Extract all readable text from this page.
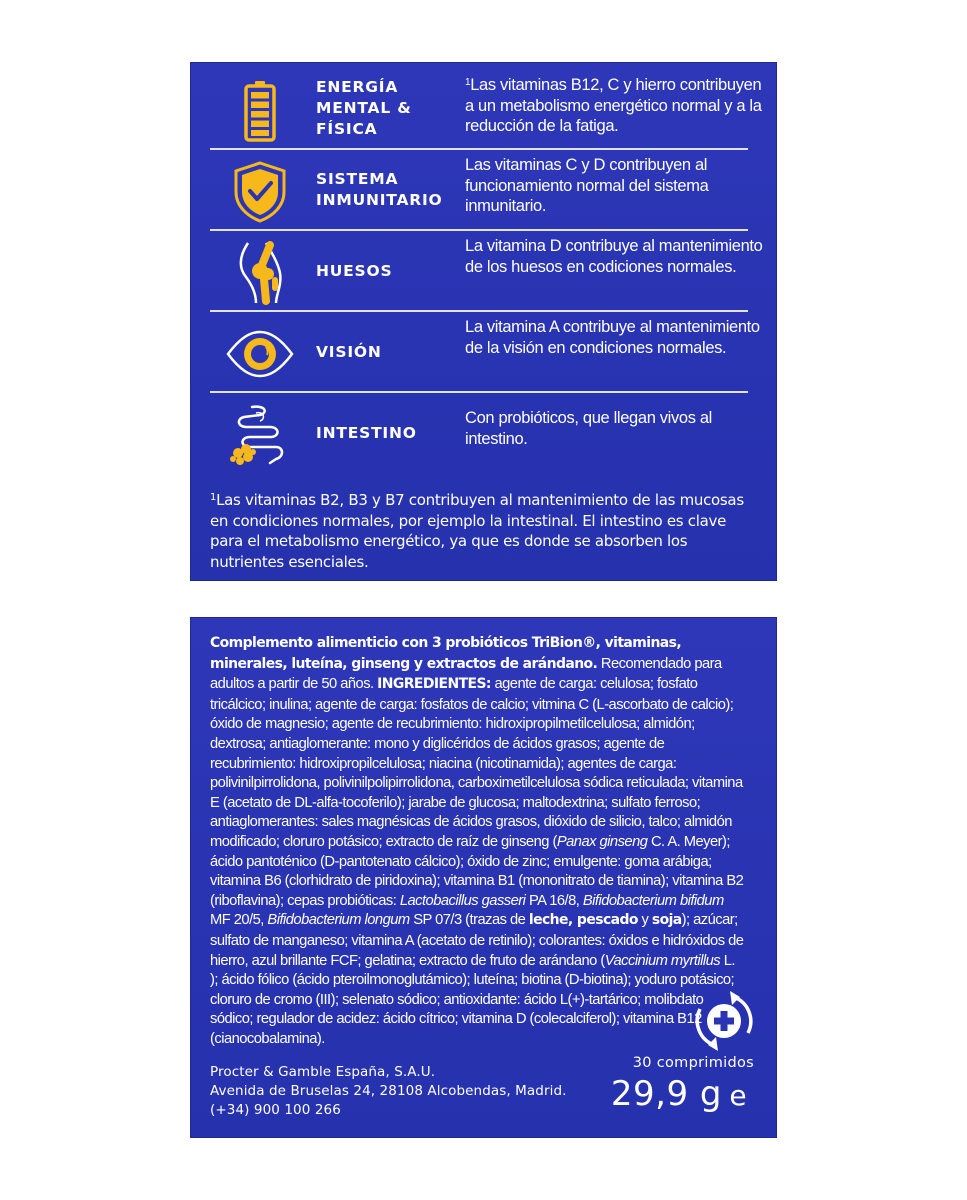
ENERGÍA
MENTAL &
FÍSICA
$^1$Las vitaminas B12, C y hierro contribuyen a un metabolismo energético normal y a la reducción de la fatiga.
SISTEMA
INMUNITARIO
Las vitaminas C y D contribuyen al funcionamiento normal del sistema inmunitario.
HUESOS
La vitamina D contribuye al mantenimiento de los huesos en codiciones normales.
VISIÓN
La vitamina A contribuye al mantenimiento de la visión en condiciones normales.
INTESTINO
Con probióticos, que llegan vivos al intestino.
$^1$Las vitaminas B2, B3 y B7 contribuyen al mantenimiento de las mucosas en condiciones normales, por ejemplo la intestinal. El intestino es clave para el metabolismo energético, ya que es donde se absorben los nutrientes esenciales.
Complemento alimenticio con 3 probióticos TriBion®, vitaminas, minerales, luteína, ginseng y extractos de arándano. Recomendado para adultos a partir de 50 años. INGREDIENTES: agente de carga: celulosa; fosfato tricálcico; inulina; agente de carga: fosfatos de calcio; vitmina C (L-ascorbato de calcio); óxido de magnesio; agente de recubrimiento: hidroxipropilmetilcelulosa; almidón; dextrosa; antiaglomerante: mono y diglicéridos de ácidos grasos; agente de recubrimiento: hidroxipropilcelulosa; niacina (nicotinamida); agentes de carga: polivinilpirrolidona, polivinilpolipirrolidona, carboximetilcelulosa sódica reticulada; vitamina E (acetato de DL-alfa-tocoferilo); jarabe de glucosa; maltodextrina; sulfato ferroso; antiaglomerantes: sales magnésicas de ácidos grasos, dióxido de silicio, talco; almidón modificado; cloruro potásico; extracto de raíz de ginseng (Panax ginseng C. A. Meyer); ácido pantoténico (D-pantotenato cálcico); óxido de zinc; emulgente: goma arábiga; vitamina B6 (clorhidrato de piridoxina); vitamina B1 (mononitrato de tiamina); vitamina B2 (riboflavina); cepas probióticas: Lactobacillus gasseri PA 16/8, Bifidobacterium bifidum MF 20/5, Bifidobacterium longum SP 07/3 (trazas de leche, pescado y soja); azúcar; sulfato de manganeso; vitamina A (acetato de retinilo); colorantes: óxidos e hidróxidos de hierro, azul brillante FCF; gelatina; extracto de fruto de arándano (Vaccinium myrtillus L. ); ácido fólico (ácido pteroilmonoglutámico); luteína; biotina (D-biotina); yoduro potásico; cloruro de cromo (III); selenato sódico; antioxidante: ácido L(+)-tartárico; molibdato sódico; regulador de acidez: ácido cítrico; vitamina D (colecalciferol); vitamina B12 (cianocobalamina).
Procter & Gamble España, S.A.U.
Avenida de Bruselas 24, 28108 Alcobendas, Madrid.
(+34) 900 100 266
30 comprimidos
29,9 g e
